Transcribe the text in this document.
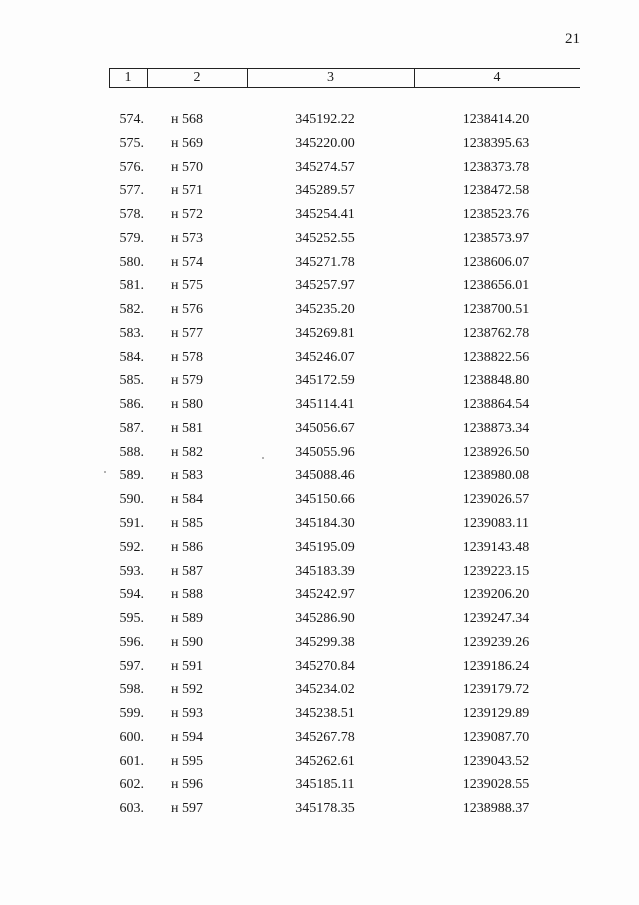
21
1	2	3	4
574. н 568	345192.22	1238414.20
575. н 569	345220.00	1238395.63
576. н 570	345274.57	1238373.78
577. н 571	345289.57	1238472.58
578. н 572	345254.41	1238523.76
579. н 573	345252.55	1238573.97
580. н 574	345271.78	1238606.07
581. н 575	345257.97	1238656.01
582. н 576	345235.20	1238700.51
583. н 577	345269.81	1238762.78
584. н 578	345246.07	1238822.56
585. н 579	345172.59	1238848.80
586. н 580	345114.41	1238864.54
587. н 581	345056.67	1238873.34
588. н 582	345055.96	1238926.50
589. н 583	345088.46	1238980.08
590. н 584	345150.66	1239026.57
591. н 585	345184.30	1239083.11
592. н 586	345195.09	1239143.48
593. н 587	345183.39	1239223.15
594. н 588	345242.97	1239206.20
595. н 589	345286.90	1239247.34
596. н 590	345299.38	1239239.26
597. н 591	345270.84	1239186.24
598. н 592	345234.02	1239179.72
599. н 593	345238.51	1239129.89
600. н 594	345267.78	1239087.70
601. н 595	345262.61	1239043.52
602. н 596	345185.11	1239028.55
603. н 597	345178.35	1238988.37
